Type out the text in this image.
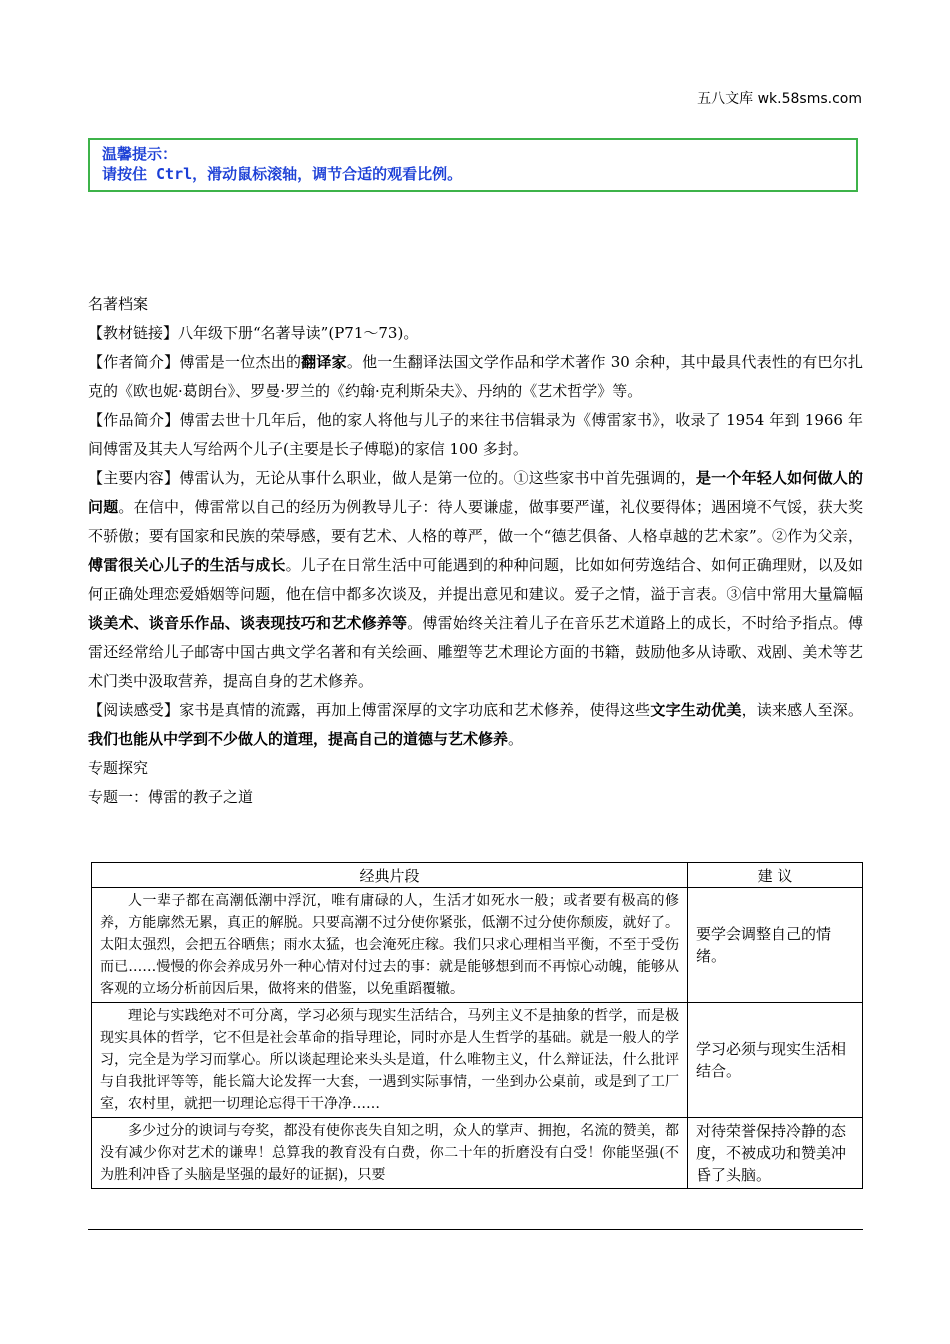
五八文库 wk.58sms.com
温馨提示：
请按住 Ctrl，滑动鼠标滚轴，调节合适的观看比例。
名著档案
【教材链接】八年级下册“名著导读”(P71～73)。
【作者简介】傅雷是一位杰出的翻译家。他一生翻译法国文学作品和学术著作 30 余种，其中最具代表性的有巴尔扎克的《欧也妮·葛朗台》、罗曼·罗兰的《约翰·克利斯朵夫》、丹纳的《艺术哲学》等。
【作品简介】傅雷去世十几年后，他的家人将他与儿子的来往书信辑录为《傅雷家书》，收录了 1954 年到 1966 年间傅雷及其夫人写给两个儿子(主要是长子傅聪)的家信 100 多封。
【主要内容】傅雷认为，无论从事什么职业，做人是第一位的。①这些家书中首先强调的，是一个年轻人如何做人的问题。在信中，傅雷常以自己的经历为例教导儿子：待人要谦虚，做事要严谨，礼仪要得体；遇困境不气馁，获大奖不骄傲；要有国家和民族的荣辱感，要有艺术、人格的尊严，做一个“德艺俱备、人格卓越的艺术家”。②作为父亲，傅雷很关心儿子的生活与成长。儿子在日常生活中可能遇到的种种问题，比如如何劳逸结合、如何正确理财，以及如何正确处理恋爱婚姻等问题，他在信中都多次谈及，并提出意见和建议。爱子之情，溢于言表。③信中常用大量篇幅谈美术、谈音乐作品、谈表现技巧和艺术修养等。傅雷始终关注着儿子在音乐艺术道路上的成长，不时给予指点。傅雷还经常给儿子邮寄中国古典文学名著和有关绘画、雕塑等艺术理论方面的书籍，鼓励他多从诗歌、戏剧、美术等艺术门类中汲取营养，提高自身的艺术修养。
【阅读感受】家书是真情的流露，再加上傅雷深厚的文字功底和艺术修养，使得这些文字生动优美，读来感人至深。我们也能从中学到不少做人的道理，提高自己的道德与艺术修养。
专题探究
专题一：傅雷的教子之道
经典片段	建 议
人一辈子都在高潮低潮中浮沉，唯有庸碌的人，生活才如死水一般；或者要有极高的修养，方能廓然无累，真正的解脱。只要高潮不过分使你紧张，低潮不过分使你颓废，就好了。太阳太强烈，会把五谷晒焦；雨水太猛，也会淹死庄稼。我们只求心理相当平衡，不至于受伤而已……慢慢的你会养成另外一种心情对付过去的事：就是能够想到而不再惊心动魄，能够从客观的立场分析前因后果，做将来的借鉴，以免重蹈覆辙。	要学会调整自己的情绪。
理论与实践绝对不可分离，学习必须与现实生活结合，马列主义不是抽象的哲学，而是极现实具体的哲学，它不但是社会革命的指导理论，同时亦是人生哲学的基础。就是一般人的学习，完全是为学习而掌心。所以谈起理论来头头是道，什么唯物主义，什么辩证法，什么批评与自我批评等等，能长篇大论发挥一大套，一遇到实际事情，一坐到办公桌前，或是到了工厂室，农村里，就把一切理论忘得干干净净……	学习必须与现实生活相结合。
多少过分的谀词与夸奖，都没有使你丧失自知之明，众人的掌声、拥抱，名流的赞美，都没有减少你对艺术的谦卑！总算我的教育没有白费，你二十年的折磨没有白受！你能坚强(不为胜利冲昏了头脑是坚强的最好的证据)，只要	对待荣誉保持冷静的态度，不被成功和赞美冲昏了头脑。
